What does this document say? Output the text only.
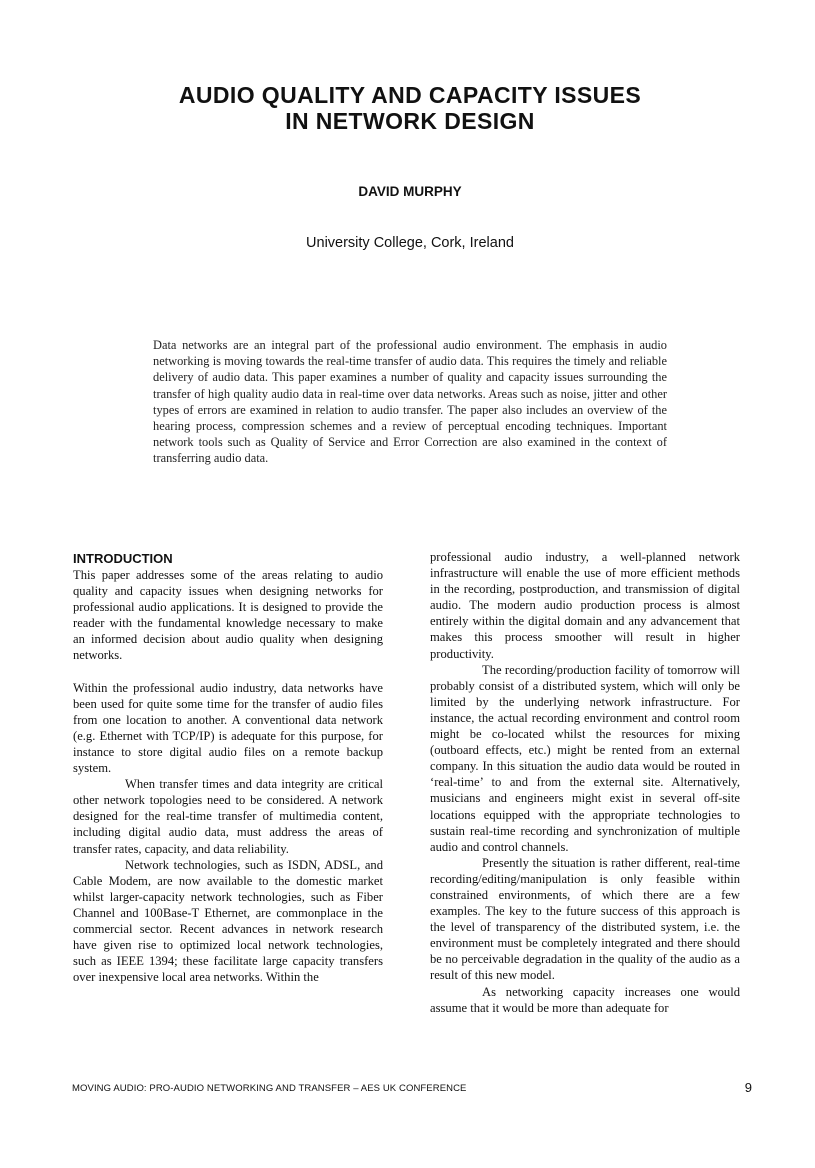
AUDIO QUALITY AND CAPACITY ISSUES
IN NETWORK DESIGN
DAVID MURPHY
University College, Cork, Ireland
Data networks are an integral part of the professional audio environment. The emphasis in audio networking is moving towards the real-time transfer of audio data. This requires the timely and reliable delivery of audio data. This paper examines a number of quality and capacity issues surrounding the transfer of high quality audio data in real-time over data networks. Areas such as noise, jitter and other types of errors are examined in relation to audio transfer. The paper also includes an overview of the hearing process, compression schemes and a review of perceptual encoding techniques. Important network tools such as Quality of Service and Error Correction are also examined in the context of transferring audio data.
INTRODUCTION

This paper addresses some of the areas relating to audio quality and capacity issues when designing networks for professional audio applications. It is designed to provide the reader with the fundamental knowledge necessary to make an informed decision about audio quality when designing networks.

Within the professional audio industry, data networks have been used for quite some time for the transfer of audio files from one location to another. A conventional data network (e.g. Ethernet with TCP/IP) is adequate for this purpose, for instance to store digital audio files on a remote backup system.

When transfer times and data integrity are critical other network topologies need to be considered. A network designed for the real-time transfer of multimedia content, including digital audio data, must address the areas of transfer rates, capacity, and data reliability.

Network technologies, such as ISDN, ADSL, and Cable Modem, are now available to the domestic market whilst larger-capacity network technologies, such as Fiber Channel and 100Base-T Ethernet, are commonplace in the commercial sector. Recent advances in network research have given rise to optimized local network technologies, such as IEEE 1394; these facilitate large capacity transfers over inexpensive local area networks. Within the

professional audio industry, a well-planned network infrastructure will enable the use of more efficient methods in the recording, postproduction, and transmission of digital audio. The modern audio production process is almost entirely within the digital domain and any advancement that makes this process smoother will result in higher productivity.

The recording/production facility of tomorrow will probably consist of a distributed system, which will only be limited by the underlying network infrastructure. For instance, the actual recording environment and control room might be co-located whilst the resources for mixing (outboard effects, etc.) might be rented from an external company. In this situation the audio data would be routed in ‘real-time’ to and from the external site. Alternatively, musicians and engineers might exist in several off-site locations equipped with the appropriate technologies to sustain real-time recording and synchronization of multiple audio and control channels.

Presently the situation is rather different, real-time recording/editing/manipulation is only feasible within constrained environments, of which there are a few examples. The key to the future success of this approach is the level of transparency of the distributed system, i.e. the environment must be completely integrated and there should be no perceivable degradation in the quality of the audio as a result of this new model.

As networking capacity increases one would assume that it would be more than adequate for

MOVING AUDIO: PRO-AUDIO NETWORKING AND TRANSFER – AES UK CONFERENCE	9
